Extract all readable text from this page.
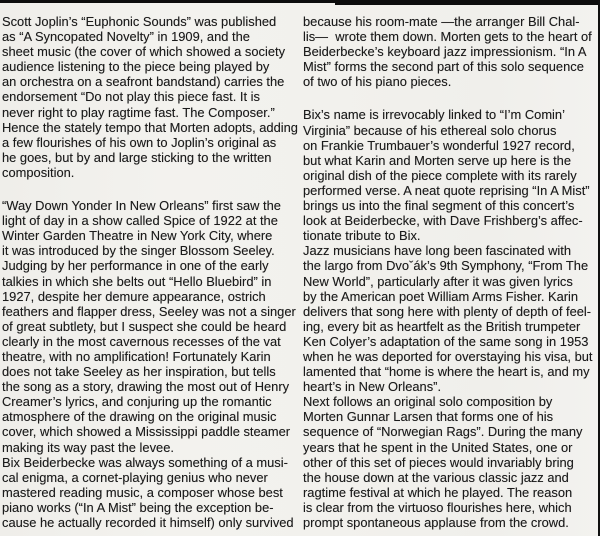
Scott Joplin’s “Euphonic Sounds” was published
as “A Syncopated Novelty” in 1909, and the
sheet music (the cover of which showed a society
audience listening to the piece being played by
an orchestra on a seafront bandstand) carries the
endorsement “Do not play this piece fast. It is
never right to play ragtime fast. The Composer.”
Hence the stately tempo that Morten adopts, adding
a few flourishes of his own to Joplin’s original as
he goes, but by and large sticking to the written
composition.
“Way Down Yonder In New Orleans” first saw the
light of day in a show called Spice of 1922 at the
Winter Garden Theatre in New York City, where
it was introduced by the singer Blossom Seeley.
Judging by her performance in one of the early
talkies in which she belts out “Hello Bluebird” in
1927, despite her demure appearance, ostrich
feathers and flapper dress, Seeley was not a singer
of great subtlety, but I suspect she could be heard
clearly in the most cavernous recesses of the vat
theatre, with no amplification! Fortunately Karin
does not take Seeley as her inspiration, but tells
the song as a story, drawing the most out of Henry
Creamer’s lyrics, and conjuring up the romantic
atmosphere of the drawing on the original music
cover, which showed a Mississippi paddle steamer
making its way past the levee.
Bix Beiderbecke was always something of a musi-
cal enigma, a cornet-playing genius who never
mastered reading music, a composer whose best
piano works (“In A Mist” being the exception be-
cause he actually recorded it himself) only survived
because his room-mate —the arranger Bill Chal-
lis—  wrote them down. Morten gets to the heart of
Beiderbecke’s keyboard jazz impressionism. “In A
Mist” forms the second part of this solo sequence
of two of his piano pieces.
Bix’s name is irrevocably linked to “I’m Comin’
Virginia” because of his ethereal solo chorus
on Frankie Trumbauer’s wonderful 1927 record,
but what Karin and Morten serve up here is the
original dish of the piece complete with its rarely
performed verse. A neat quote reprising “In A Mist”
brings us into the final segment of this concert’s
look at Beiderbecke, with Dave Frishberg’s affec-
tionate tribute to Bix.
Jazz musicians have long been fascinated with
the largo from Dvoˇák’s 9th Symphony, “From The
New World”, particularly after it was given lyrics
by the American poet William Arms Fisher. Karin
delivers that song here with plenty of depth of feel-
ing, every bit as heartfelt as the British trumpeter
Ken Colyer’s adaptation of the same song in 1953
when he was deported for overstaying his visa, but
lamented that “home is where the heart is, and my
heart’s in New Orleans”.
Next follows an original solo composition by
Morten Gunnar Larsen that forms one of his
sequence of “Norwegian Rags”. During the many
years that he spent in the United States, one or
other of this set of pieces would invariably bring
the house down at the various classic jazz and
ragtime festival at which he played. The reason
is clear from the virtuoso flourishes here, which
prompt spontaneous applause from the crowd.
